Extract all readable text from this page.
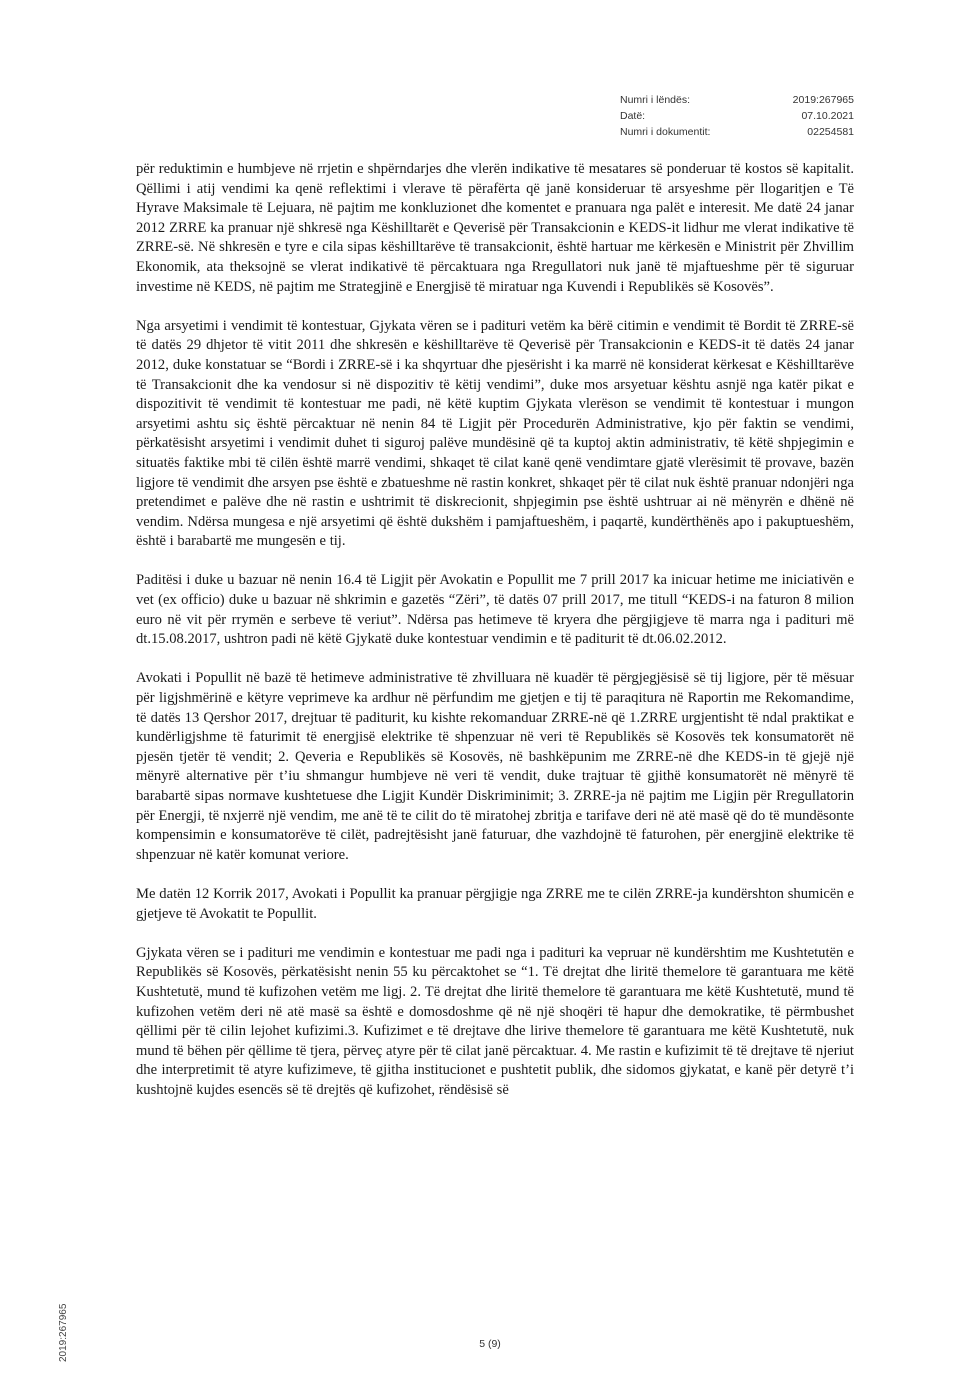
Numri i lëndës:	2019:267965
Datë:	07.10.2021
Numri i dokumentit:	02254581

për reduktimin e humbjeve në rrjetin e shpërndarjes dhe vlerën indikative të mesatares së ponderuar të kostos së kapitalit. Qëllimi i atij vendimi ka qenë reflektimi i vlerave të përafërta që janë konsideruar të arsyeshme për llogaritjen e Të Hyrave Maksimale të Lejuara, në pajtim me konkluzionet dhe komentet e pranuara nga palët e interesit. Me datë 24 janar 2012 ZRRE ka pranuar një shkresë nga Këshilltarët e Qeverisë për Transakcionin e KEDS-it lidhur me vlerat indikative të ZRRE-së. Në shkresën e tyre e cila sipas këshilltarëve të transakcionit, është hartuar me kërkesën e Ministrit për Zhvillim Ekonomik, ata theksojnë se vlerat indikativë të përcaktuara nga Rregullatori nuk janë të mjaftueshme për të siguruar investime në KEDS, në pajtim me Strategjinë e Energjisë të miratuar nga Kuvendi i Republikës së Kosovës”.

Nga arsyetimi i vendimit të kontestuar, Gjykata vëren se i padituri vetëm ka bërë citimin e vendimit të Bordit të ZRRE-së të datës 29 dhjetor të vitit 2011 dhe shkresën e këshilltarëve të Qeverisë për Transakcionin e KEDS-it të datës 24 janar 2012, duke konstatuar se “Bordi i ZRRE-së i ka shqyrtuar dhe pjesërisht i ka marrë në konsiderat kërkesat e Këshilltarëve të Transakcionit dhe ka vendosur si në dispozitiv të këtij vendimi”, duke mos arsyetuar kështu asnjë nga katër pikat e dispozitivit të vendimit të kontestuar me padi, në këtë kuptim Gjykata vlerëson se vendimit të kontestuar i mungon arsyetimi ashtu siç është përcaktuar në nenin 84 të Ligjit për Procedurën Administrative, kjo për faktin se vendimi, përkatësisht arsyetimi i vendimit duhet ti siguroj palëve mundësinë që ta kuptoj aktin administrativ, të këtë shpjegimin e situatës faktike mbi të cilën është marrë vendimi, shkaqet të cilat kanë qenë vendimtare gjatë vlerësimit të provave, bazën ligjore të vendimit dhe arsyen pse është e zbatueshme në rastin konkret, shkaqet për të cilat nuk është pranuar ndonjëri nga pretendimet e palëve dhe në rastin e ushtrimit të diskrecionit, shpjegimin pse është ushtruar ai në mënyrën e dhënë në vendim. Ndërsa mungesa e një arsyetimi që është dukshëm i pamjaftueshëm, i paqartë, kundërthënës apo i pakuptueshëm, është i barabartë me mungesën e tij.

Paditësi i duke u bazuar në nenin 16.4 të Ligjit për Avokatin e Popullit me 7 prill 2017 ka inicuar hetime me iniciativën e vet (ex officio) duke u bazuar në shkrimin e gazetës “Zëri”, të datës 07 prill 2017, me titull “KEDS-i na faturon 8 milion euro në vit për rrymën e serbeve të veriut”. Ndërsa pas hetimeve të kryera dhe përgjigjeve të marra nga i padituri më dt.15.08.2017, ushtron padi në këtë Gjykatë duke kontestuar vendimin e të paditurit të dt.06.02.2012.

Avokati i Popullit në bazë të hetimeve administrative të zhvilluara në kuadër të përgjegjësisë së tij ligjore, për të mësuar për ligjshmërinë e këtyre veprimeve ka ardhur në përfundim me gjetjen e tij të paraqitura në Raportin me Rekomandime, të datës 13 Qershor 2017, drejtuar të paditurit, ku kishte rekomanduar ZRRE-në që 1.ZRRE urgjentisht të ndal praktikat e kundërligjshme të faturimit të energjisë elektrike të shpenzuar në veri të Republikës së Kosovës tek konsumatorët në pjesën tjetër të vendit; 2. Qeveria e Republikës së Kosovës, në bashkëpunim me ZRRE-në dhe KEDS-in të gjejë një mënyrë alternative për t’iu shmangur humbjeve në veri të vendit, duke trajtuar të gjithë konsumatorët në mënyrë të barabartë sipas normave kushtetuese dhe Ligjit Kundër Diskriminimit; 3. ZRRE-ja në pajtim me Ligjin për Rregullatorin për Energji, të nxjerrë një vendim, me anë të te cilit do të miratohej zbritja e tarifave deri në atë masë që do të mundësonte kompensimin e konsumatorëve të cilët, padrejtësisht janë faturuar, dhe vazhdojnë të faturohen, për energjinë elektrike të shpenzuar në katër komunat veriore.

Me datën 12 Korrik 2017, Avokati i Popullit ka pranuar përgjigje nga ZRRE me te cilën ZRRE-ja kundërshton shumicën e gjetjeve të Avokatit te Popullit.

Gjykata vëren se i padituri me vendimin e kontestuar me padi nga i padituri ka vepruar në kundërshtim me Kushtetutën e Republikës së Kosovës, përkatësisht nenin 55 ku përcaktohet se “1. Të drejtat dhe liritë themelore të garantuara me këtë Kushtetutë, mund të kufizohen vetëm me ligj. 2. Të drejtat dhe liritë themelore të garantuara me këtë Kushtetutë, mund të kufizohen vetëm deri në atë masë sa është e domosdoshme që në një shoqëri të hapur dhe demokratike, të përmbushet qëllimi për të cilin lejohet kufizimi.3. Kufizimet e të drejtave dhe lirive themelore të garantuara me këtë Kushtetutë, nuk mund të bëhen për qëllime të tjera, përveç atyre për të cilat janë përcaktuar. 4. Me rastin e kufizimit të të drejtave të njeriut dhe interpretimit të atyre kufizimeve, të gjitha institucionet e pushtetit publik, dhe sidomos gjykatat, e kanë për detyrë t’i kushtojnë kujdes esencës së të drejtës që kufizohet, rëndësisë së

5 (9)
2019:267965
